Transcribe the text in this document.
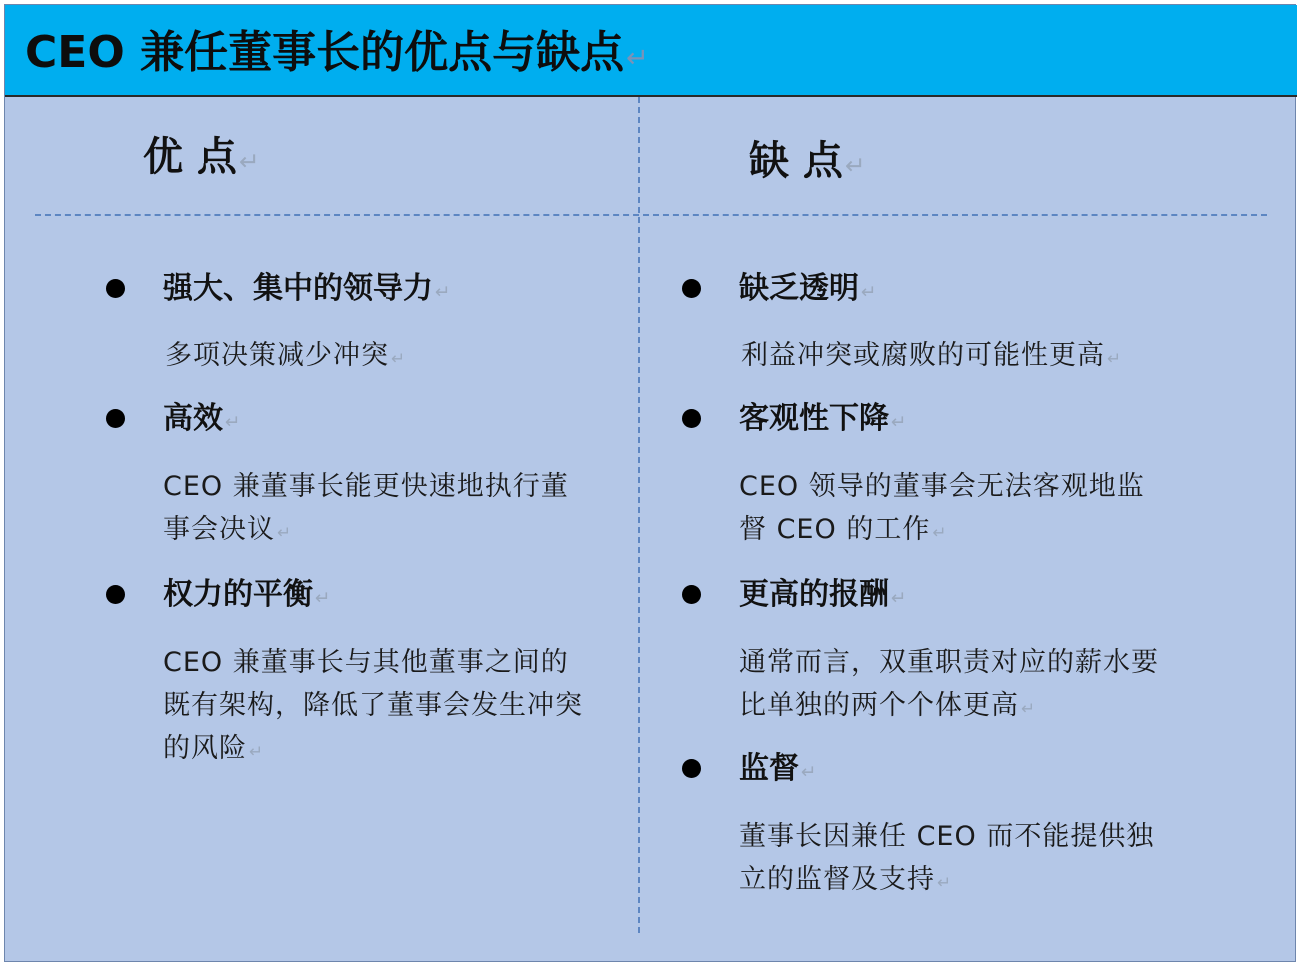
CEO 兼任董事长的优点与缺点↵
优 点↵	缺 点↵
强大、集中的领导力 ↵
多项决策减少冲突 ↵
高效 ↵
CEO 兼董事长能更快速地执行董事会决议 ↵
权力的平衡 ↵
CEO 兼董事长与其他董事之间的既有架构，降低了董事会发生冲突的风险 ↵
缺乏透明 ↵
利益冲突或腐败的可能性更高 ↵
客观性下降 ↵
CEO 领导的董事会无法客观地监督 CEO 的工作 ↵
更高的报酬 ↵
通常而言，双重职责对应的薪水要比单独的两个个体更高 ↵
监督 ↵
董事长因兼任 CEO 而不能提供独立的监督及支持 ↵
